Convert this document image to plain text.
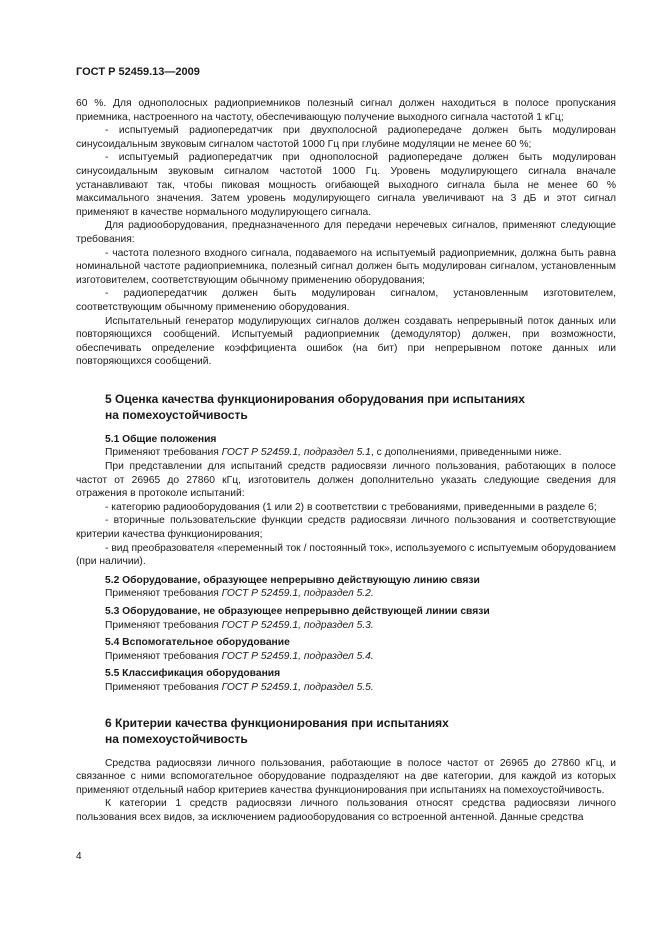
ГОСТ Р 52459.13—2009

60 %. Для однополосных радиоприемников полезный сигнал должен находиться в полосе пропускания приемника, настроенного на частоту, обеспечивающую получение выходного сигнала частотой 1 кГц;

- испытуемый радиопередатчик при двухполосной радиопередаче должен быть модулирован синусоидальным звуковым сигналом частотой 1000 Гц при глубине модуляции не менее 60 %;

- испытуемый радиопередатчик при однополосной радиопередаче должен быть модулирован синусоидальным звуковым сигналом частотой 1000 Гц. Уровень модулирующего сигнала вначале устанавливают так, чтобы пиковая мощность огибающей выходного сигнала была не менее 60 % максимального значения. Затем уровень модулирующего сигнала увеличивают на 3 дБ и этот сигнал применяют в качестве нормального модулирующего сигнала.

Для радиооборудования, предназначенного для передачи неречевых сигналов, применяют следующие требования:

- частота полезного входного сигнала, подаваемого на испытуемый радиоприемник, должна быть равна номинальной частоте радиоприемника, полезный сигнал должен быть модулирован сигналом, установленным изготовителем, соответствующим обычному применению оборудования;

- радиопередатчик должен быть модулирован сигналом, установленным изготовителем, соответствующим обычному применению оборудования.

Испытательный генератор модулирующих сигналов должен создавать непрерывный поток данных или повторяющихся сообщений. Испытуемый радиоприемник (демодулятор) должен, при возможности, обеспечивать определение коэффициента ошибок (на бит) при непрерывном потоке данных или повторяющихся сообщений.

5 Оценка качества функционирования оборудования при испытаниях
на помехоустойчивость
5.1 Общие положения

Применяют требования ГОСТ Р 52459.1, подраздел 5.1, с дополнениями, приведенными ниже.

При представлении для испытаний средств радиосвязи личного пользования, работающих в полосе частот от 26965 до 27860 кГц, изготовитель должен дополнительно указать следующие сведения для отражения в протоколе испытаний:

- категорию радиооборудования (1 или 2) в соответствии с требованиями, приведенными в разделе 6;

- вторичные пользовательские функции средств радиосвязи личного пользования и соответствующие критерии качества функционирования;

- вид преобразователя «переменный ток / постоянный ток», используемого с испытуемым оборудованием (при наличии).

5.2 Оборудование, образующее непрерывно действующую линию связи
Применяют требования ГОСТ Р 52459.1, подраздел 5.2.
5.3 Оборудование, не образующее непрерывно действующей линии связи
Применяют требования ГОСТ Р 52459.1, подраздел 5.3.
5.4 Вспомогательное оборудование
Применяют требования ГОСТ Р 52459.1, подраздел 5.4.
5.5 Классификация оборудования
Применяют требования ГОСТ Р 52459.1, подраздел 5.5.
6 Критерии качества функционирования при испытаниях
на помехоустойчивость

Средства радиосвязи личного пользования, работающие в полосе частот от 26965 до 27860 кГц, и связанное с ними вспомогательное оборудование подразделяют на две категории, для каждой из которых применяют отдельный набор критериев качества функционирования при испытаниях на помехоустойчивость.

К категории 1 средств радиосвязи личного пользования относят средства радиосвязи личного пользования всех видов, за исключением радиооборудования со встроенной антенной. Данные средства

4
